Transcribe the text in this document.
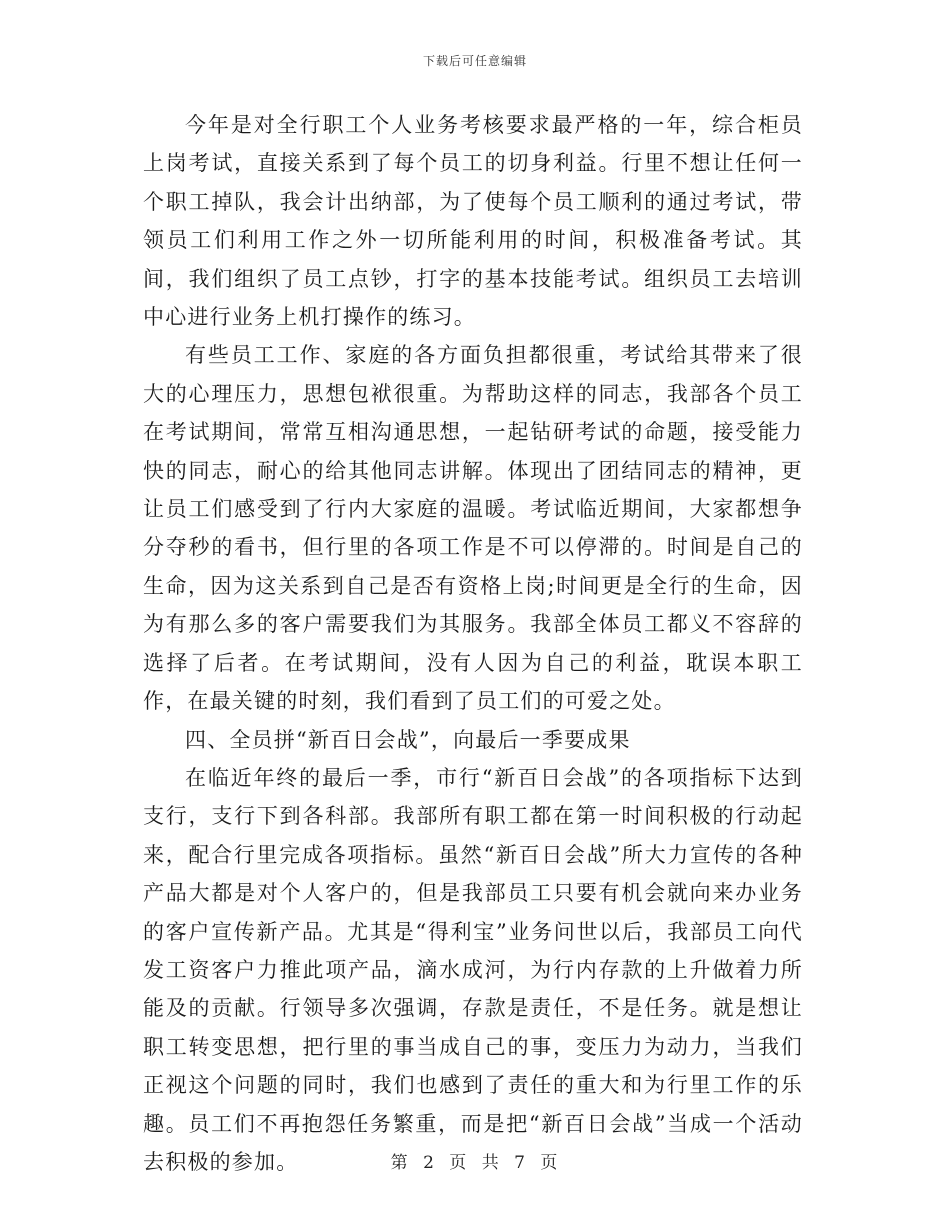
下载后可任意编辑

今年是对全行职工个人业务考核要求最严格的一年，综合柜员上岗考试，直接关系到了每个员工的切身利益。行里不想让任何一个职工掉队，我会计出纳部，为了使每个员工顺利的通过考试，带领员工们利用工作之外一切所能利用的时间，积极准备考试。其间，我们组织了员工点钞，打字的基本技能考试。组织员工去培训中心进行业务上机打操作的练习。

有些员工工作、家庭的各方面负担都很重，考试给其带来了很大的心理压力，思想包袱很重。为帮助这样的同志，我部各个员工在考试期间，常常互相沟通思想，一起钻研考试的命题，接受能力快的同志，耐心的给其他同志讲解。体现出了团结同志的精神，更让员工们感受到了行内大家庭的温暖。考试临近期间，大家都想争分夺秒的看书，但行里的各项工作是不可以停滞的。时间是自己的生命，因为这关系到自己是否有资格上岗;时间更是全行的生命，因为有那么多的客户需要我们为其服务。我部全体员工都义不容辞的选择了后者。在考试期间，没有人因为自己的利益，耽误本职工作，在最关键的时刻，我们看到了员工们的可爱之处。

四、全员拼“新百日会战”，向最后一季要成果

在临近年终的最后一季，市行“新百日会战”的各项指标下达到支行，支行下到各科部。我部所有职工都在第一时间积极的行动起来，配合行里完成各项指标。虽然“新百日会战”所大力宣传的各种产品大都是对个人客户的，但是我部员工只要有机会就向来办业务的客户宣传新产品。尤其是“得利宝”业务问世以后，我部员工向代发工资客户力推此项产品，滴水成河，为行内存款的上升做着力所能及的贡献。行领导多次强调，存款是责任，不是任务。就是想让职工转变思想，把行里的事当成自己的事，变压力为动力，当我们正视这个问题的同时，我们也感到了责任的重大和为行里工作的乐趣。员工们不再抱怨任务繁重，而是把“新百日会战”当成一个活动去积极的参加。	第 2 页 共 7 页
